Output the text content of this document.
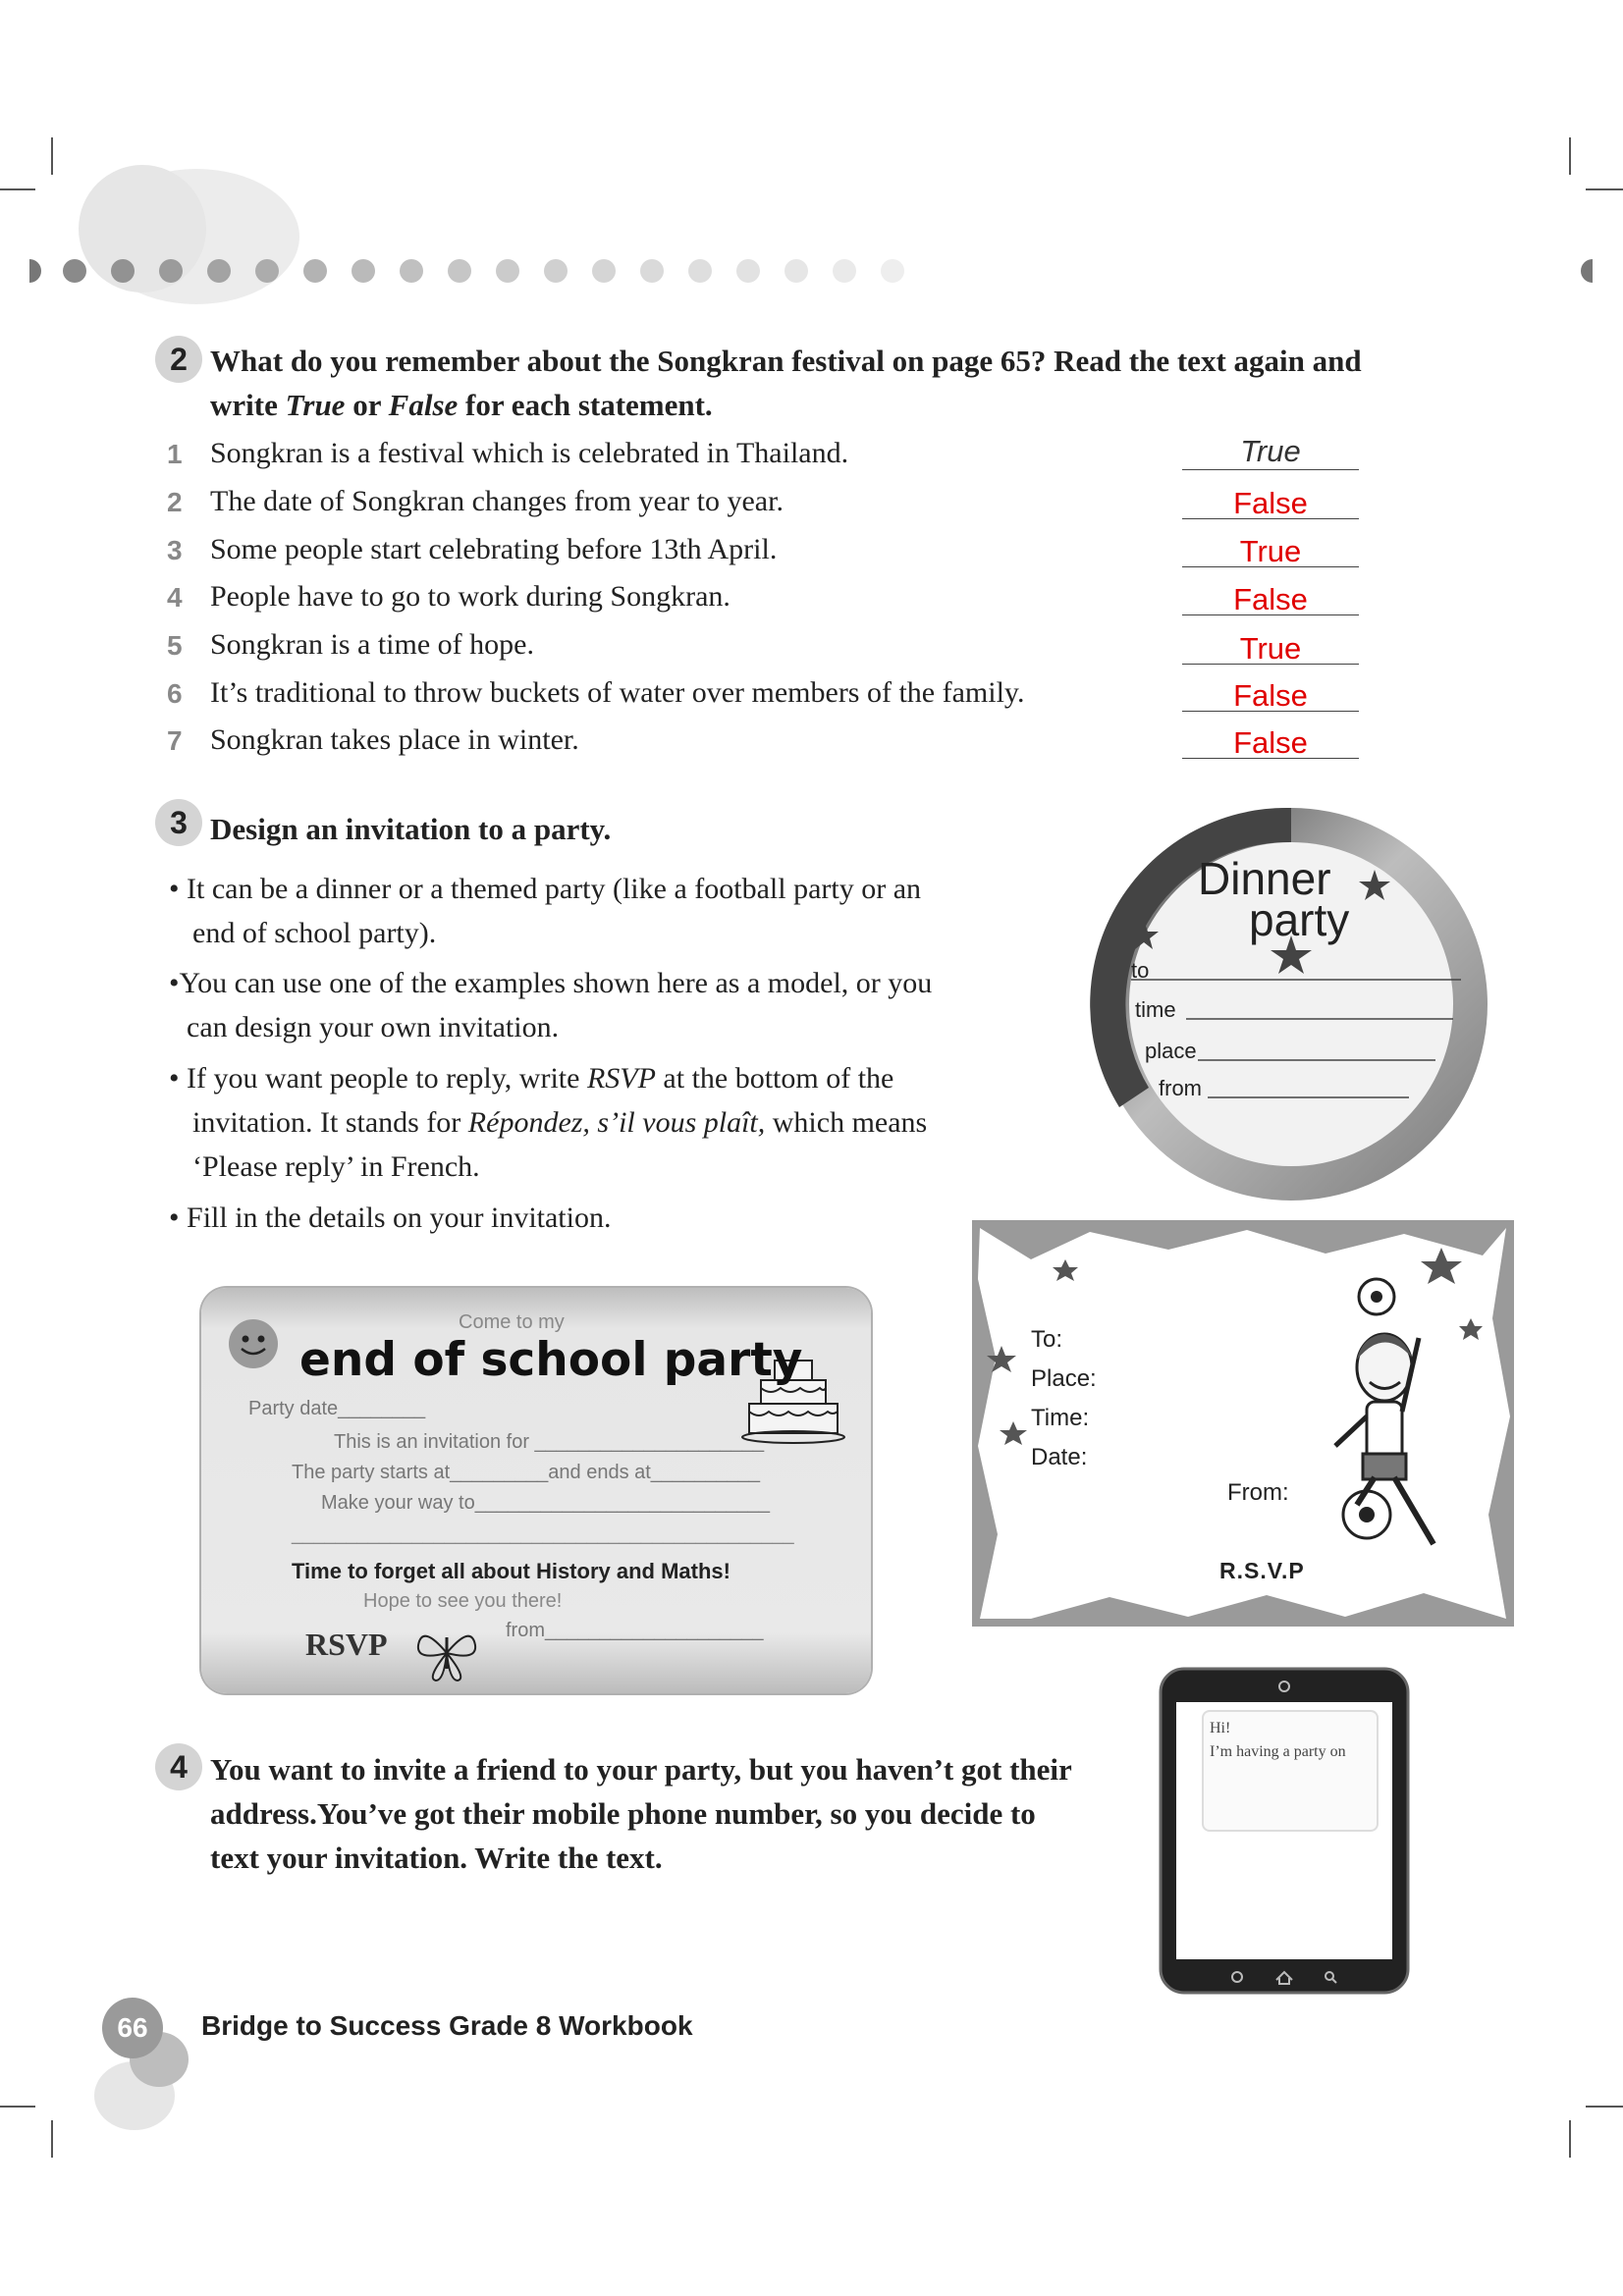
2 What do you remember about the Songkran festival on page 65? Read the text again and
write True or False for each statement.
1 Songkran is a festival which is celebrated in Thailand.	True
2 The date of Songkran changes from year to year.	False
3 Some people start celebrating before 13th April.	True
4 People have to go to work during Songkran.	False
5 Songkran is a time of hope.	True
6 It’s traditional to throw buckets of water over members of the family.	False
7 Songkran takes place in winter.	False
3 Design an invitation to a party.
• It can be a dinner or a themed party (like a football party or an
end of school party).
•You can use one of the examples shown here as a model, or you
can design your own invitation.
• If you want people to reply, write RSVP at the bottom of the
invitation. It stands for Répondez, s’il vous plaît, which means
‘Please reply’ in French.
• Fill in the details on your invitation.
Dinner
party
to
time
place
from
To:
Place:
Time:
Date:
From:
R.S.V.P
Come to my
end of school party
Party date________
This is an invitation for _____________________
The party starts at_________and ends at__________
Make your way to___________________________
______________________________________________
Time to forget all about History and Maths!
Hope to see you there!
from____________________
RSVP
Hi!
I’m having a party on
4 You want to invite a friend to your party, but you haven’t got their
address.You’ve got their mobile phone number, so you decide to
text your invitation. Write the text.
66	Bridge to Success Grade 8 Workbook
